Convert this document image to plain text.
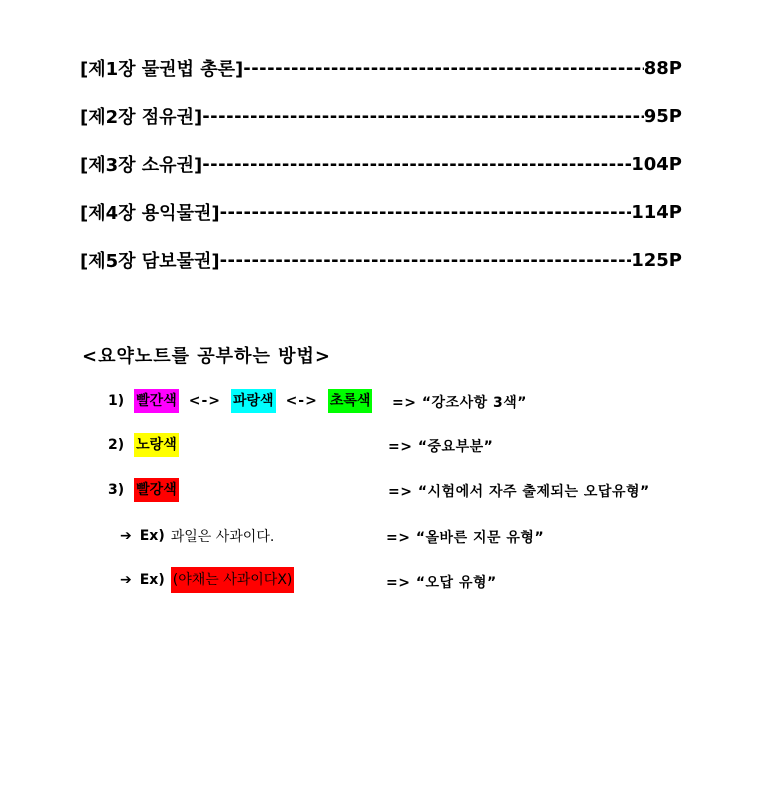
[제1장 물권법 총론] -----	88P
[제2장 점유권] -----	95P
[제3장 소유권] -----	104P
[제4장 용익물권] -----	114P
[제5장 담보물권] -----	125P
<요약노트를 공부하는 방법>
1) 빨간색 <-> 파랑색 <-> 초록색 => “강조사항 3색”
2) 노랑색	=> “중요부분”
3) 빨강색	=> “시험에서 자주 출제되는 오답유형”
➔ Ex) 과일은 사과이다.	=> “올바른 지문 유형”
➔ Ex) (야채는 사과이다X)	=> “오답 유형”
